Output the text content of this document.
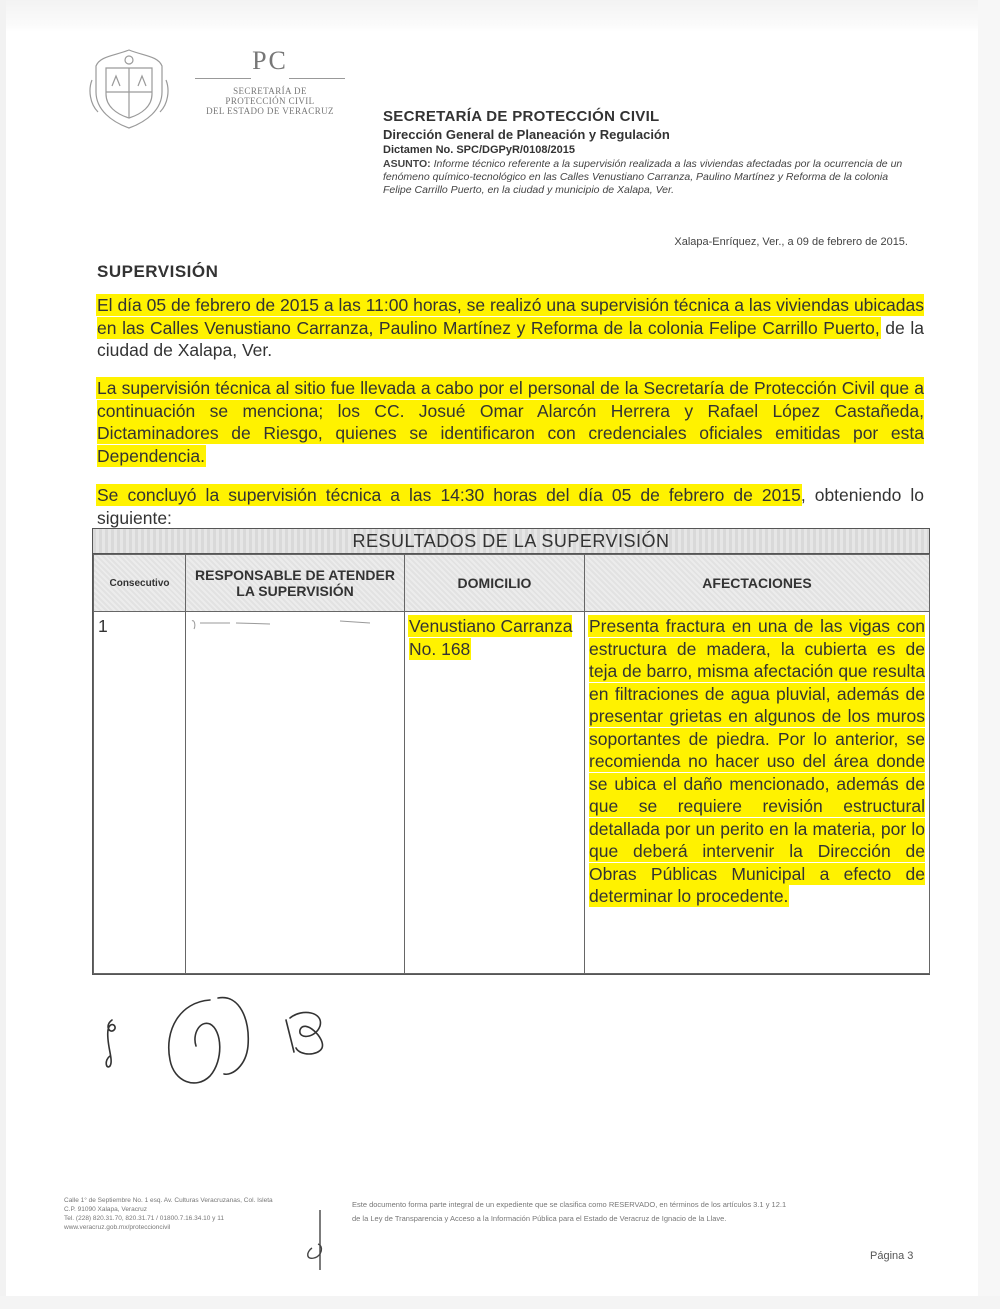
PC
SECRETARÍA DE
PROTECCIÓN CIVIL
DEL ESTADO DE VERACRUZ	SECRETARÍA DE PROTECCIÓN CIVIL
Dirección General de Planeación y Regulación
Dictamen No. SPC/DGPyR/0108/2015
ASUNTO: Informe técnico referente a la supervisión realizada a las viviendas afectadas por la ocurrencia de un fenómeno químico-tecnológico en las Calles Venustiano Carranza, Paulino Martínez y Reforma de la colonia Felipe Carrillo Puerto, en la ciudad y municipio de Xalapa, Ver.
Xalapa-Enríquez, Ver., a 09 de febrero de 2015.
SUPERVISIÓN
El día 05 de febrero de 2015 a las 11:00 horas, se realizó una supervisión técnica a las viviendas ubicadas en las Calles Venustiano Carranza, Paulino Martínez y Reforma de la colonia Felipe Carrillo Puerto, de la ciudad de Xalapa, Ver.
La supervisión técnica al sitio fue llevada a cabo por el personal de la Secretaría de Protección Civil que a continuación se menciona; los CC. Josué Omar Alarcón Herrera y Rafael López Castañeda, Dictaminadores de Riesgo, quienes se identificaron con credenciales oficiales emitidas por esta Dependencia.
Se concluyó la supervisión técnica a las 14:30 horas del día 05 de febrero de 2015, obteniendo lo siguiente:
RESULTADOS DE LA SUPERVISIÓN
Consecutivo	RESPONSABLE DE ATENDER LA SUPERVISIÓN	DOMICILIO	AFECTACIONES
1		Venustiano Carranza No. 168	Presenta fractura en una de las vigas con estructura de madera, la cubierta es de teja de barro, misma afectación que resulta en filtraciones de agua pluvial, además de presentar grietas en algunos de los muros soportantes de piedra. Por lo anterior, se recomienda no hacer uso del área donde se ubica el daño mencionado, además de que se requiere revisión estructural detallada por un perito en la materia, por lo que deberá intervenir la Dirección de Obras Públicas Municipal a efecto de determinar lo procedente.
Calle 1° de Septiembre No. 1 esq. Av. Culturas Veracruzanas, Col. Isleta
C.P. 91090 Xalapa, Veracruz
Tel. (228) 820.31.70, 820.31.71 / 01800.7.16.34.10 y 11
www.veracruz.gob.mx/proteccioncivil
Este documento forma parte integral de un expediente que se clasifica como RESERVADO, en términos de los artículos 3.1 y 12.1 de la Ley de Transparencia y Acceso a la Información Pública para el Estado de Veracruz de Ignacio de la Llave.
Página 3
